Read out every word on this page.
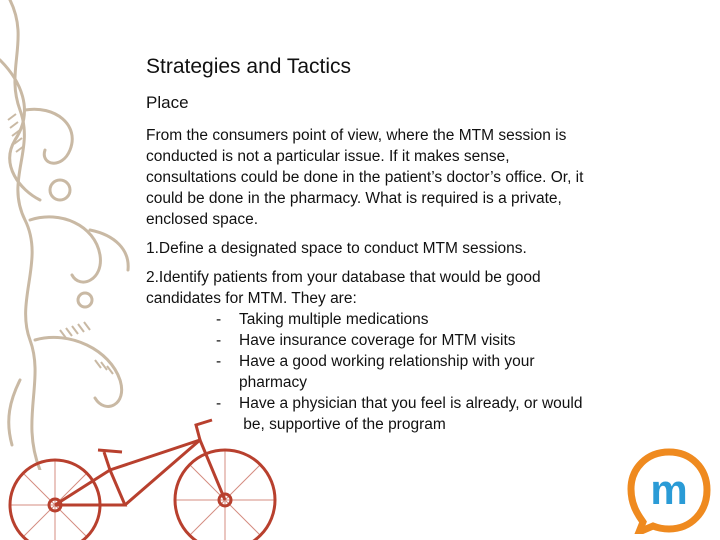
Strategies and Tactics
Place
From the consumers point of view, where the MTM session is
conducted is not a particular issue. If it makes sense,
consultations could be done in the patient’s doctor’s office. Or, it
could be done in the pharmacy. What is required is a private,
enclosed space.
1.Define a designated space to conduct MTM sessions.
2.Identify patients from your database that would be good
candidates for MTM. They are:
- Taking multiple medications
- Have insurance coverage for MTM visits
- Have a good working relationship with your
pharmacy
- Have a physician that you feel is already, or would
be, supportive of the program
m
